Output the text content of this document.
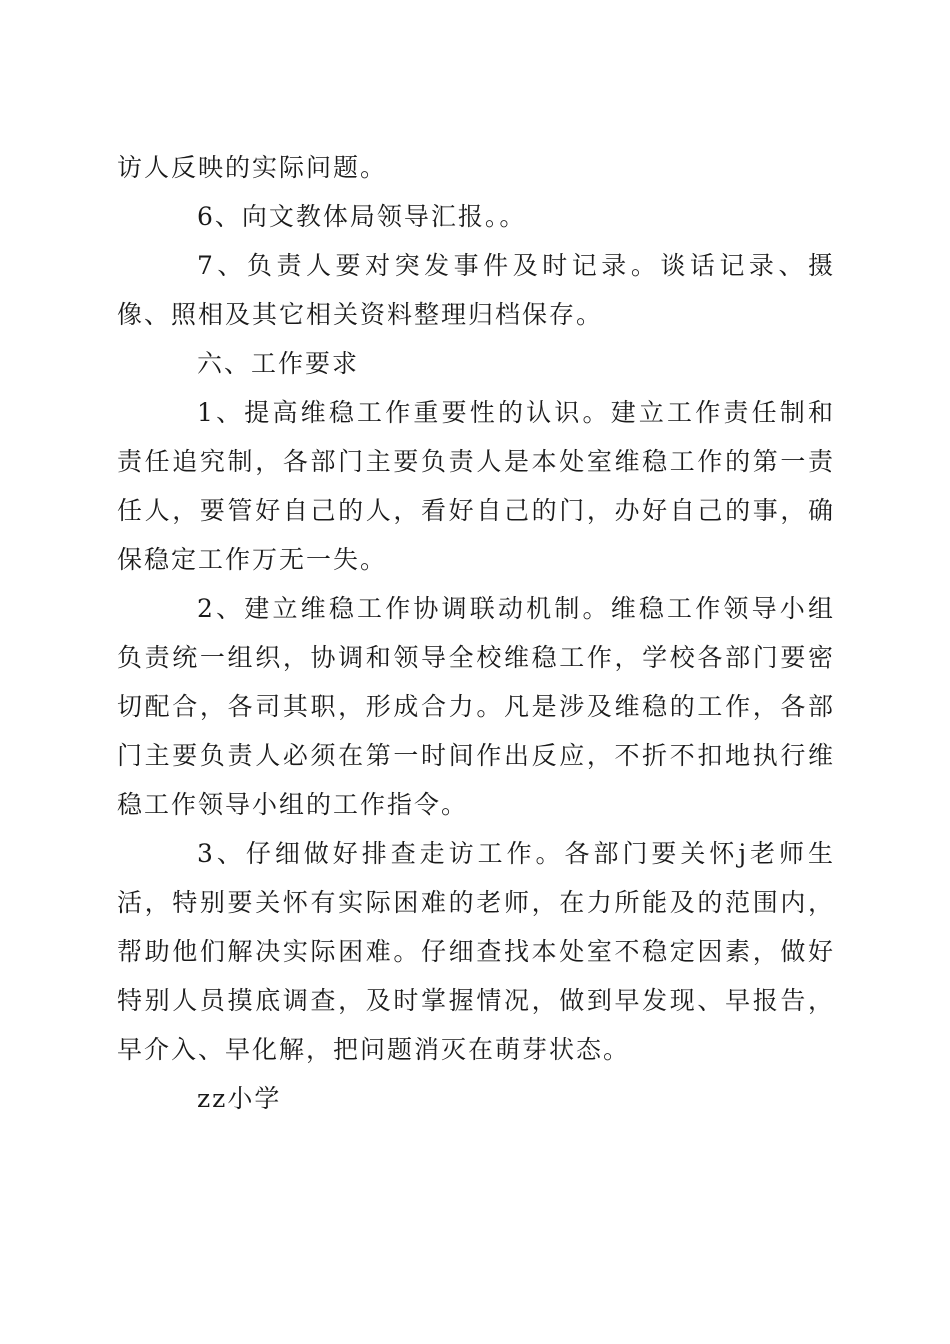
访人反映的实际问题。

6、向文教体局领导汇报。。

7、负责人要对突发事件及时记录。谈话记录、摄像、照相及其它相关资料整理归档保存。

六、工作要求

1、提高维稳工作重要性的认识。建立工作责任制和责任追究制，各部门主要负责人是本处室维稳工作的第一责任人，要管好自己的人，看好自己的门，办好自己的事，确保稳定工作万无一失。

2、建立维稳工作协调联动机制。维稳工作领导小组负责统一组织，协调和领导全校维稳工作，学校各部门要密切配合，各司其职，形成合力。凡是涉及维稳的工作，各部门主要负责人必须在第一时间作出反应，不折不扣地执行维稳工作领导小组的工作指令。

3、仔细做好排查走访工作。各部门要关怀j老师生活，特别要关怀有实际困难的老师，在力所能及的范围内，帮助他们解决实际困难。仔细查找本处室不稳定因素，做好特别人员摸底调查，及时掌握情况，做到早发现、早报告，早介入、早化解，把问题消灭在萌芽状态。

zz小学
